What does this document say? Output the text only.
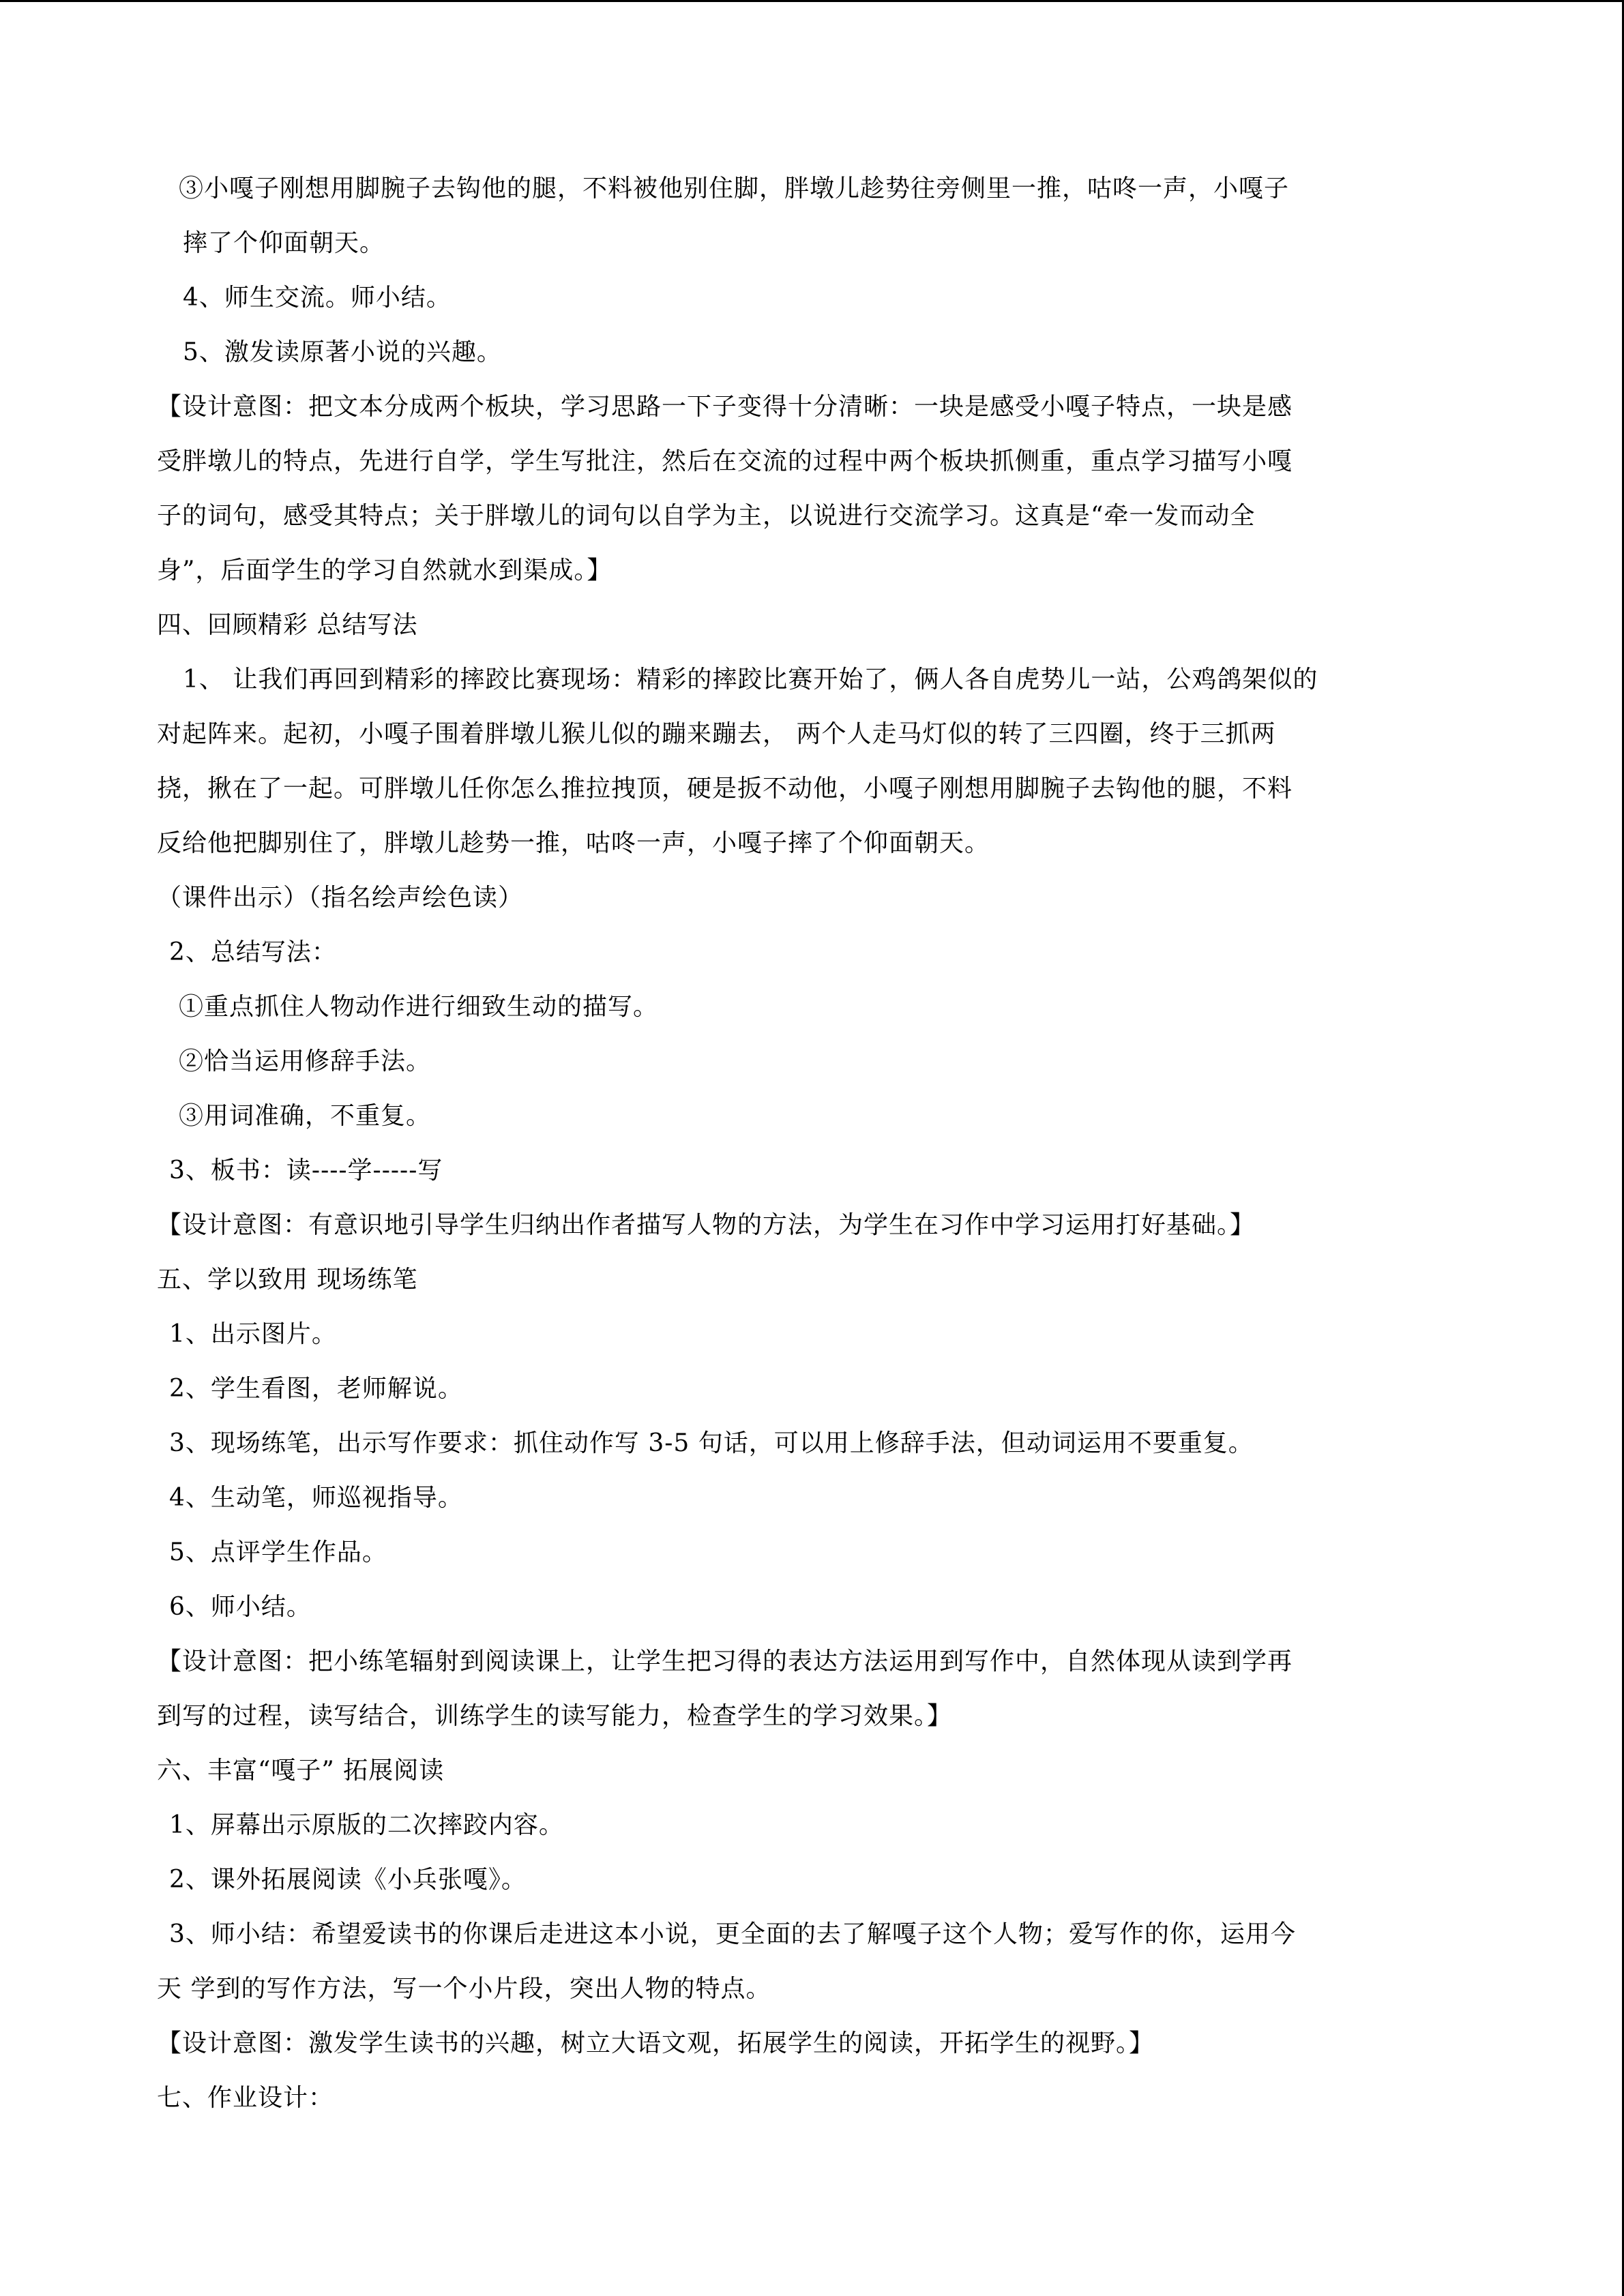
③小嘎子刚想用脚腕子去钩他的腿，不料被他别住脚，胖墩儿趁势往旁侧里一推，咕咚一声，小嘎子
摔了个仰面朝天。
4、师生交流。师小结。
5、激发读原著小说的兴趣。
【设计意图：把文本分成两个板块，学习思路一下子变得十分清晰：一块是感受小嘎子特点，一块是感
受胖墩儿的特点，先进行自学，学生写批注，然后在交流的过程中两个板块抓侧重，重点学习描写小嘎
子的词句，感受其特点；关于胖墩儿的词句以自学为主，以说进行交流学习。这真是“牵一发而动全
身”，后面学生的学习自然就水到渠成。】
四、回顾精彩 总结写法
1、 让我们再回到精彩的摔跤比赛现场：精彩的摔跤比赛开始了，俩人各自虎势儿一站，公鸡鸽架似的
对起阵来。起初，小嘎子围着胖墩儿猴儿似的蹦来蹦去， 两个人走马灯似的转了三四圈，终于三抓两
挠，揪在了一起。可胖墩儿任你怎么推拉拽顶，硬是扳不动他，小嘎子刚想用脚腕子去钩他的腿，不料
反给他把脚别住了，胖墩儿趁势一推，咕咚一声，小嘎子摔了个仰面朝天。
（课件出示）（指名绘声绘色读）
2、总结写法：
①重点抓住人物动作进行细致生动的描写。
②恰当运用修辞手法。
③用词准确，不重复。
3、板书：读----学-----写
【设计意图：有意识地引导学生归纳出作者描写人物的方法，为学生在习作中学习运用打好基础。】
五、学以致用 现场练笔
1、出示图片。
2、学生看图，老师解说。
3、现场练笔，出示写作要求：抓住动作写 3-5 句话，可以用上修辞手法，但动词运用不要重复。
4、生动笔，师巡视指导。
5、点评学生作品。
6、师小结。
【设计意图：把小练笔辐射到阅读课上，让学生把习得的表达方法运用到写作中，自然体现从读到学再
到写的过程，读写结合，训练学生的读写能力，检查学生的学习效果。】
六、丰富“嘎子” 拓展阅读
1、屏幕出示原版的二次摔跤内容。
2、课外拓展阅读《小兵张嘎》。
3、师小结：希望爱读书的你课后走进这本小说，更全面的去了解嘎子这个人物；爱写作的你，运用今
天 学到的写作方法，写一个小片段，突出人物的特点。
【设计意图：激发学生读书的兴趣，树立大语文观，拓展学生的阅读，开拓学生的视野。】
七、作业设计：
